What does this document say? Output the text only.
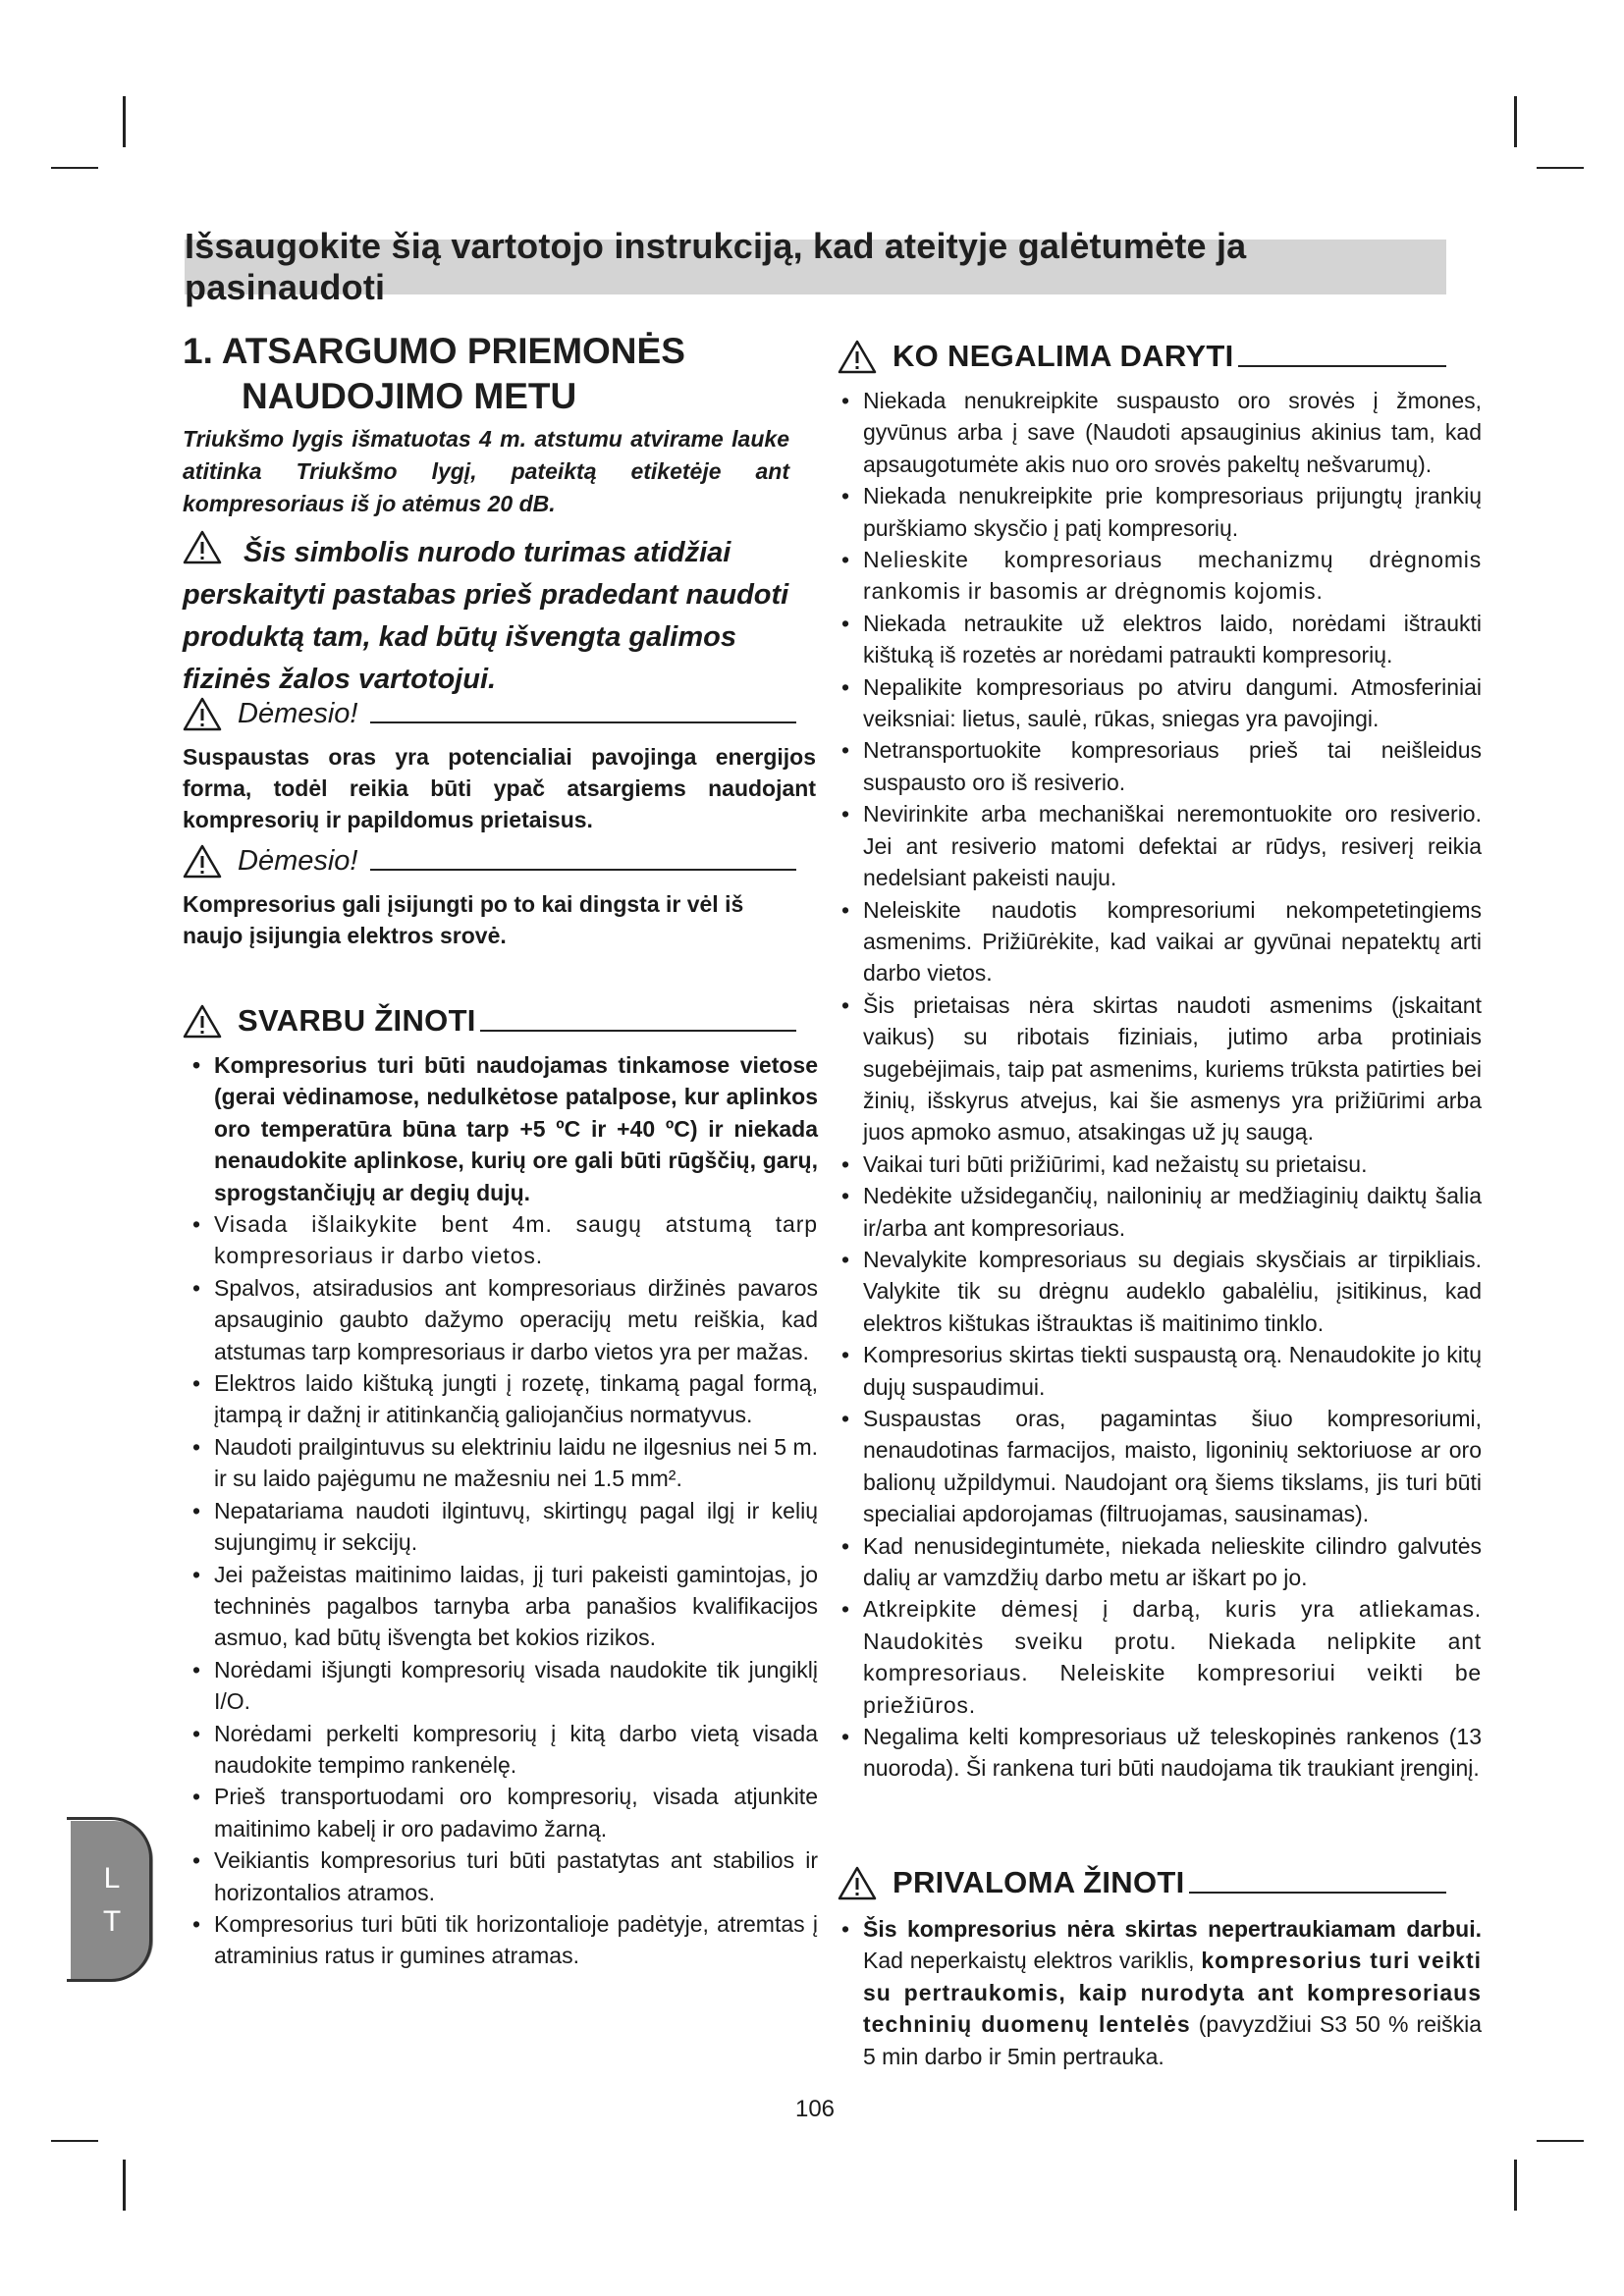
Išsaugokite šią vartotojo instrukciją, kad ateityje galėtumėte ja pasinaudoti
1. ATSARGUMO PRIEMONĖS
NAUDOJIMO METU
Triukšmo lygis išmatuotas 4 m. atstumu atvirame lauke atitinka Triukšmo lygį, pateiktą etiketėje ant kompresoriaus iš jo atėmus 20 dB.
Šis simbolis nurodo turimas atidžiai perskaityti pastabas prieš pradedant naudoti produktą tam, kad būtų išvengta galimos fizinės žalos vartotojui.
Dėmesio!
Suspaustas oras yra potencialiai pavojinga energijos forma, todėl reikia būti ypač atsargiems naudojant kompresorių ir papildomus prietaisus.
Dėmesio!
Kompresorius gali įsijungti po to kai dingsta ir vėl iš naujo įsijungia elektros srovė.
SVARBU ŽINOTI
• Kompresorius turi būti naudojamas tinkamose vietose (gerai vėdinamose, nedulkėtose patalpose, kur aplinkos oro temperatūra būna tarp +5 ºC ir +40 ºC) ir niekada nenaudokite aplinkose, kurių ore gali būti rūgščių, garų, sprogstančiųjų ar degių dujų.
• Visada išlaikykite bent 4m. saugų atstumą tarp kompresoriaus ir darbo vietos.
• Spalvos, atsiradusios ant kompresoriaus diržinės pavaros apsauginio gaubto dažymo operacijų metu reiškia, kad atstumas tarp kompresoriaus ir darbo vietos yra per mažas.
• Elektros laido kištuką jungti į rozetę, tinkamą pagal formą, įtampą ir dažnį ir atitinkančią galiojančius normatyvus.
• Naudoti prailgintuvus su elektriniu laidu ne ilgesnius nei 5 m. ir su laido pajėgumu ne mažesniu nei 1.5 mm².
• Nepatariama naudoti ilgintuvų, skirtingų pagal ilgį ir kelių sujungimų ir sekcijų.
• Jei pažeistas maitinimo laidas, jį turi pakeisti gamintojas, jo techninės pagalbos tarnyba arba panašios kvalifikacijos asmuo, kad būtų išvengta bet kokios rizikos.
• Norėdami išjungti kompresorių visada naudokite tik jungiklį I/O.
• Norėdami perkelti kompresorių į kitą darbo vietą visada naudokite tempimo rankenėlę.
• Prieš transportuodami oro kompresorių, visada atjunkite maitinimo kabelį ir oro padavimo žarną.
• Veikiantis kompresorius turi būti pastatytas ant stabilios ir horizontalios atramos.
• Kompresorius turi būti tik horizontalioje padėtyje, atremtas į atraminius ratus ir gumines atramas.
KO NEGALIMA DARYTI
• Niekada nenukreipkite suspausto oro srovės į žmones, gyvūnus arba į save (Naudoti apsauginius akinius tam, kad apsaugotumėte akis nuo oro srovės pakeltų nešvarumų).
• Niekada nenukreipkite prie kompresoriaus prijungtų įrankių purškiamo skysčio į patį kompresorių.
• Nelieskite kompresoriaus mechanizmų drėgnomis rankomis ir basomis ar drėgnomis kojomis.
• Niekada netraukite už elektros laido, norėdami ištraukti kištuką iš rozetės ar norėdami patraukti kompresorių.
• Nepalikite kompresoriaus po atviru dangumi. Atmosferiniai veiksniai: lietus, saulė, rūkas, sniegas yra pavojingi.
• Netransportuokite kompresoriaus prieš tai neišleidus suspausto oro iš resiverio.
• Nevirinkite arba mechaniškai neremontuokite oro resiverio. Jei ant resiverio matomi defektai ar rūdys, resiverį reikia nedelsiant pakeisti nauju.
• Neleiskite naudotis kompresoriumi nekompetetingiems asmenims. Prižiūrėkite, kad vaikai ar gyvūnai nepatektų arti darbo vietos.
• Šis prietaisas nėra skirtas naudoti asmenims (įskaitant vaikus) su ribotais fiziniais, jutimo arba protiniais sugebėjimais, taip pat asmenims, kuriems trūksta patirties bei žinių, išskyrus atvejus, kai šie asmenys yra prižiūrimi arba juos apmoko asmuo, atsakingas už jų saugą.
• Vaikai turi būti prižiūrimi, kad nežaistų su prietaisu.
• Nedėkite užsidegančių, nailoninių ar medžiaginių daiktų šalia ir/arba ant kompresoriaus.
• Nevalykite kompresoriaus su degiais skysčiais ar tirpikliais. Valykite tik su drėgnu audeklo gabalėliu, įsitikinus, kad elektros kištukas ištrauktas iš maitinimo tinklo.
• Kompresorius skirtas tiekti suspaustą orą. Nenaudokite jo kitų dujų suspaudimui.
• Suspaustas oras, pagamintas šiuo kompresoriumi, nenaudotinas farmacijos, maisto, ligoninių sektoriuose ar oro balionų užpildymui. Naudojant orą šiems tikslams, jis turi būti specialiai apdorojamas (filtruojamas, sausinamas).
• Kad nenusidegintumėte, niekada nelieskite cilindro galvutės dalių ar vamzdžių darbo metu ar iškart po jo.
• Atkreipkite dėmesį į darbą, kuris yra atliekamas. Naudokitės sveiku protu. Niekada nelipkite ant kompresoriaus. Neleiskite kompresoriui veikti be priežiūros.
• Negalima kelti kompresoriaus už teleskopinės rankenos (13 nuoroda). Ši rankena turi būti naudojama tik traukiant įrenginį.
PRIVALOMA ŽINOTI
• Šis kompresorius nėra skirtas nepertraukiamam darbui. Kad neperkaistų elektros variklis, kompresorius turi veikti su pertraukomis, kaip nurodyta ant kompresoriaus techninių duomenų lentelės (pavyzdžiui S3 50 % reiškia 5 min darbo ir 5min pertrauka.
L
T
106
